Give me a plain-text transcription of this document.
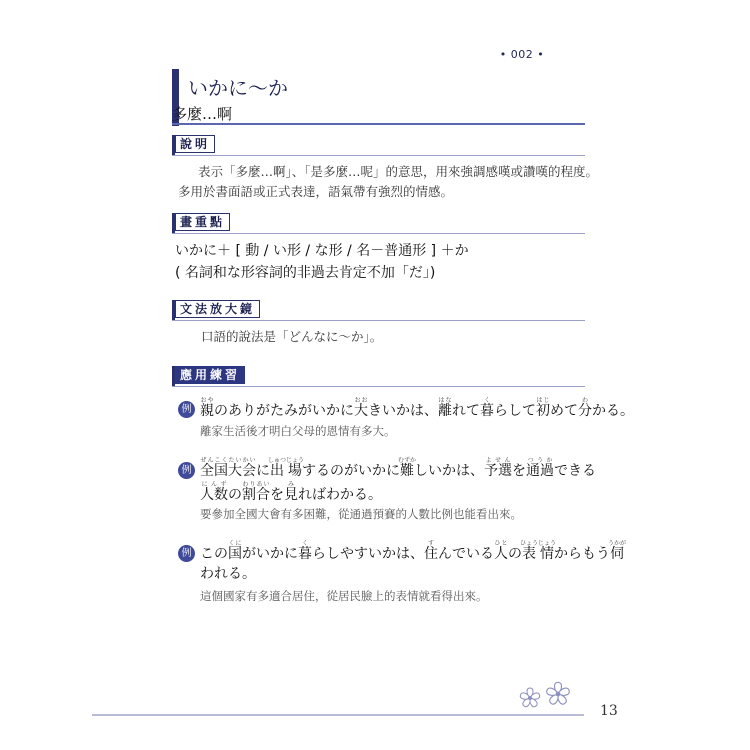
• 002 •
いかに〜か
多麼…啊
說明
表示「多麼…啊」、「是多麼…呢」的意思，用來強調感嘆或讚嘆的程度。
多用於書面語或正式表達，語氣帶有強烈的情感。
畫重點
いかに＋ [ 動 / い形 / な形 / 名－普通形 ] ＋か
( 名詞和な形容詞的非過去肯定不加「だ」)
文法放大鏡
口語的說法是「どんなに〜か」。
應用練習
例 親おやのありがたみがいかに大おおきいかは、離はなれて暮くらして初はじめて分わかる。
離家生活後才明白父母的恩情有多大。
例 全国大会ぜんこくたいかいに出場しゅつじょうするのがいかに難むずかしいかは、予選よせんを通過つうかできる
人数にんずの割合わりあいを見みればわかる。
要參加全國大會有多困難，從通過預賽的人數比例也能看出來。
例 この国くにがいかに暮くらしやすいかは、住すんでいる人ひとの表情ひょうじょうからもう伺うかが
われる。
這個國家有多適合居住，從居民臉上的表情就看得出來。
13
